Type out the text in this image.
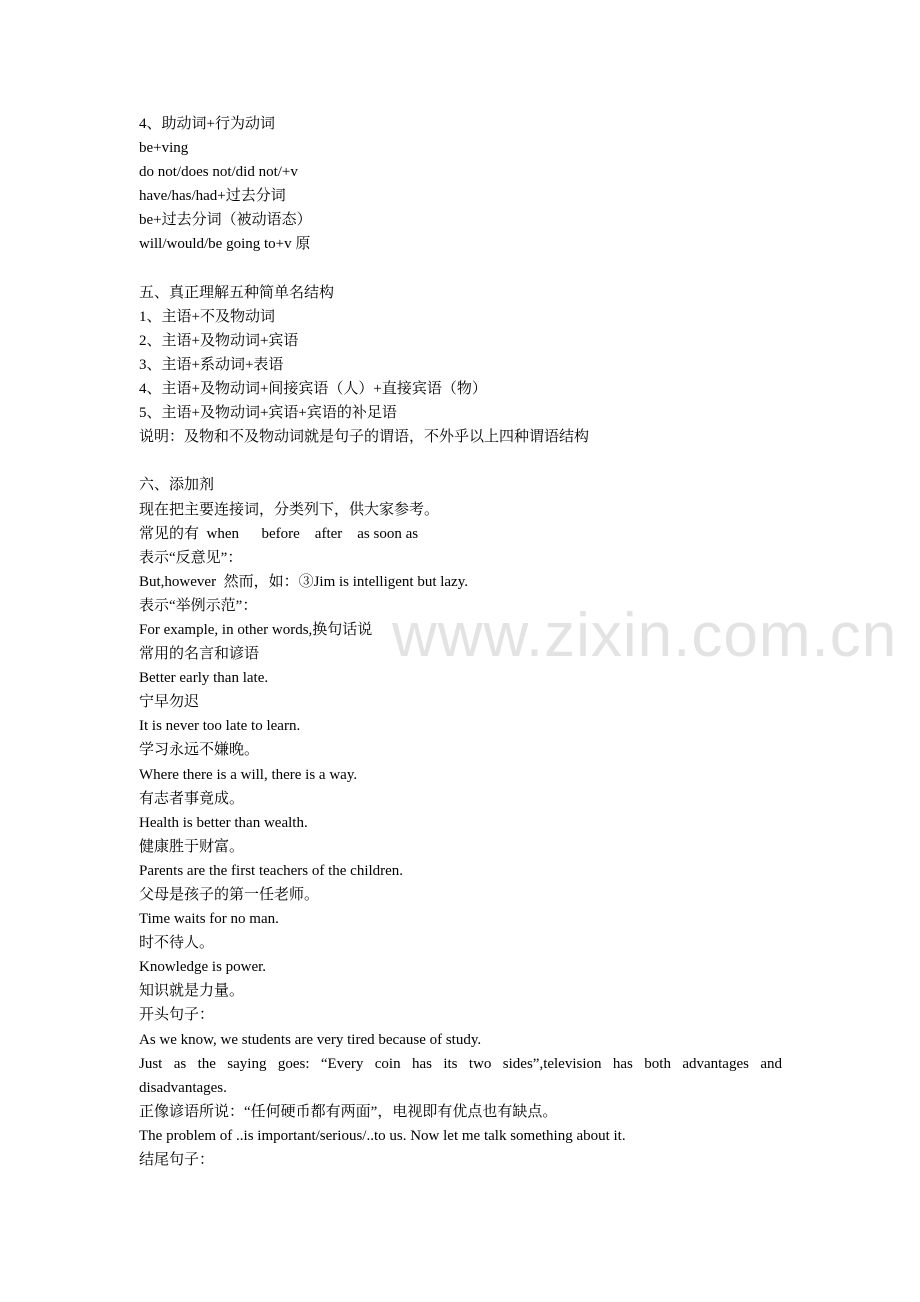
www.zixin.com.cn
4、助动词+行为动词
be+ving
do not/does not/did not/+v
have/has/had+过去分词
be+过去分词（被动语态）
will/would/be going to+v 原
五、真正理解五种简单名结构
1、主语+不及物动词
2、主语+及物动词+宾语
3、主语+系动词+表语
4、主语+及物动词+间接宾语（人）+直接宾语（物）
5、主语+及物动词+宾语+宾语的补足语
说明：及物和不及物动词就是句子的谓语，不外乎以上四种谓语结构
六、添加剂
现在把主要连接词，分类列下，供大家参考。
常见的有  when      before    after    as soon as
表示“反意见”：
But,however  然而，如：③Jim is intelligent but lazy.
表示“举例示范”：
For example, in other words,换句话说
常用的名言和谚语
Better early than late.
宁早勿迟
It is never too late to learn.
学习永远不嫌晚。
Where there is a will, there is a way.
有志者事竟成。
Health is better than wealth.
健康胜于财富。
Parents are the first teachers of the children.
父母是孩子的第一任老师。
Time waits for no man.
时不待人。
Knowledge is power.
知识就是力量。
开头句子：
As we know, we students are very tired because of study.
Just as the saying goes: “Every coin has its two sides”,television has both advantages and
disadvantages.
正像谚语所说：“任何硬币都有两面”，电视即有优点也有缺点。
The problem of ..is important/serious/..to us. Now let me talk something about it.
结尾句子：
